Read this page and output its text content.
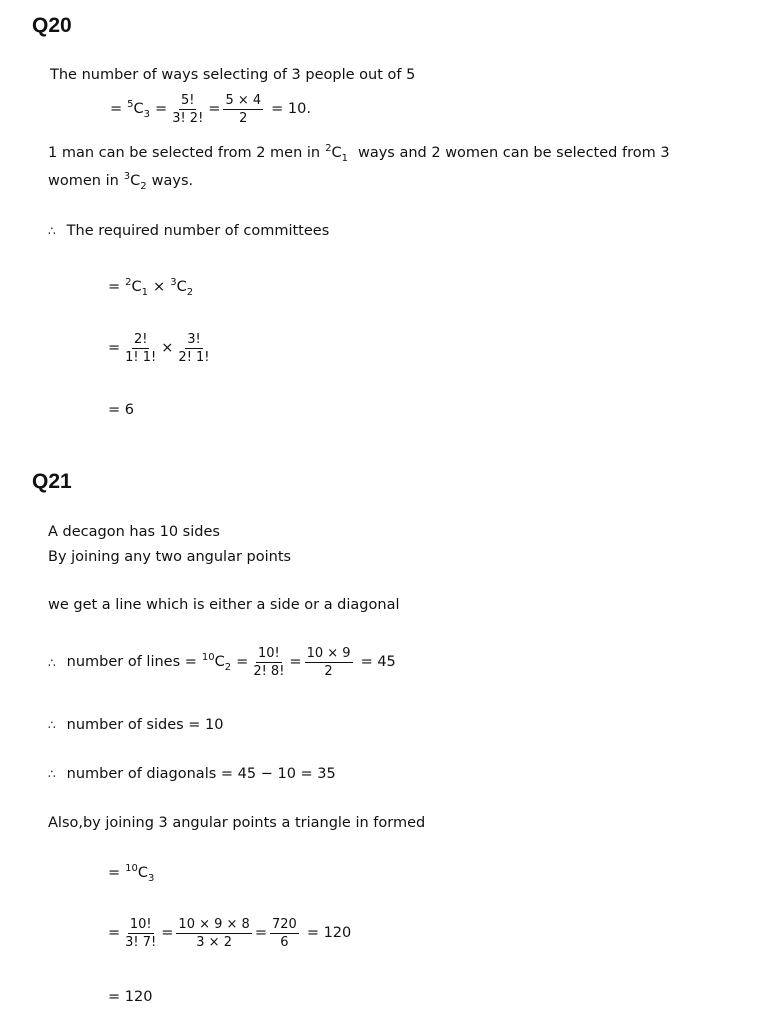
Q20
The number of ways selecting of 3 people out of 5
= $^5$ $C_3 = \frac{5!}{3! 2!} = \frac{5 \times 4}{2} = 10$.
1 man can be selected from 2 men in $^2$ $C_1$ ways and 2 women can be selected from 3
women in $^3$ $C_2$ ways.
∴ The required number of committees
= $^2$ $C_1 \times ^3$ $C_2$
= $\frac{2!}{1! 1!} \times \frac{3!}{2! 1!}$
= 6
Q21
A decagon has 10 sides
By joining any two angular points
we get a line which is either a side or a diagonal
∴ number of lines = $^{10}$ $C_2 = \frac{10!}{2! 8!} = \frac{10 \times 9}{2} = 45$
∴ number of sides = 10
∴ number of diagonals = 45 − 10 = 35
Also,by joining 3 angular points a triangle in formed
= $^{10}$ $C_3$
= $\frac{10!}{3! 7!} = \frac{10 \times 9 \times 8}{3 \times 2} = \frac{720}{6} = 120$
= 120
